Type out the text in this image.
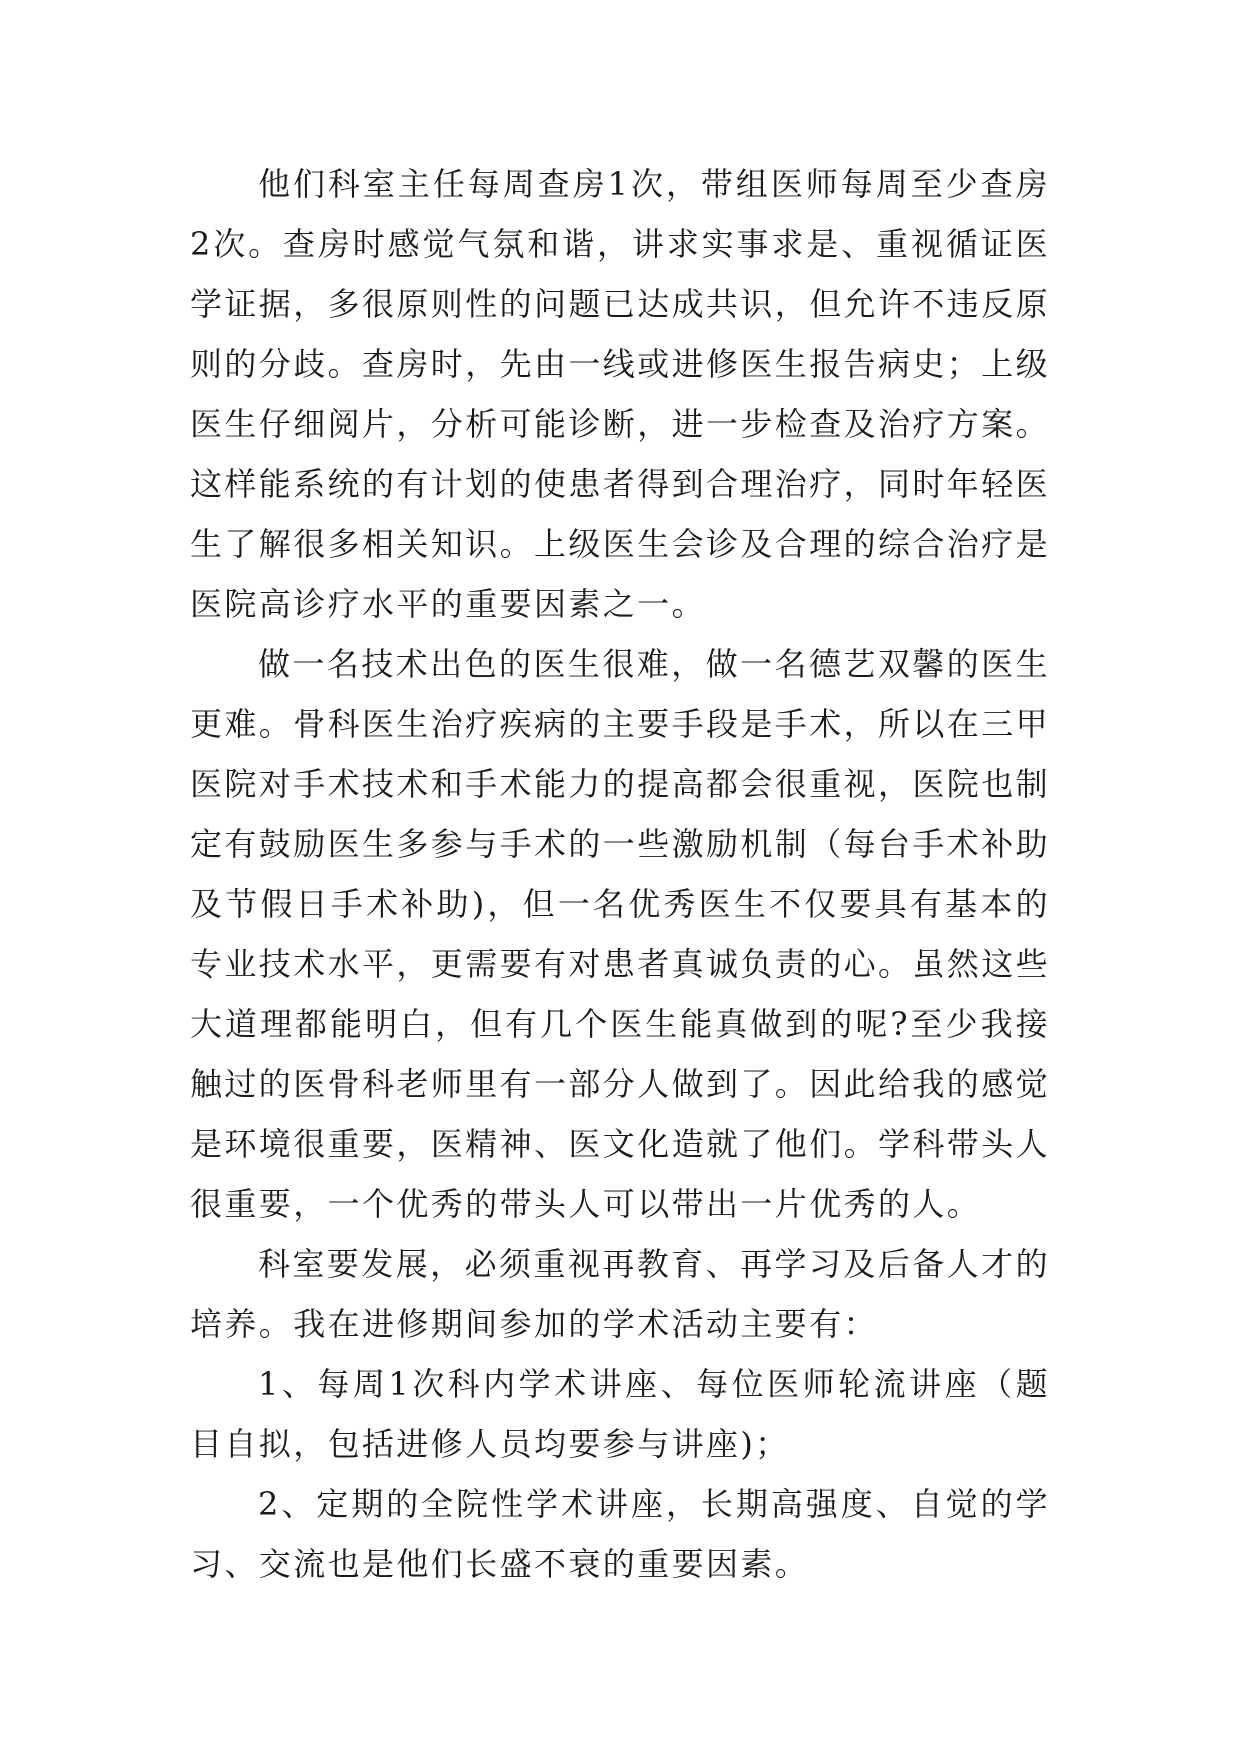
他们科室主任每周查房1次，带组医师每周至少查房2次。查房时感觉气氛和谐，讲求实事求是、重视循证医学证据，多很原则性的问题已达成共识，但允许不违反原则的分歧。查房时，先由一线或进修医生报告病史；上级医生仔细阅片，分析可能诊断，进一步检查及治疗方案。这样能系统的有计划的使患者得到合理治疗，同时年轻医生了解很多相关知识。上级医生会诊及合理的综合治疗是医院高诊疗水平的重要因素之一。

做一名技术出色的医生很难，做一名德艺双馨的医生更难。骨科医生治疗疾病的主要手段是手术，所以在三甲医院对手术技术和手术能力的提高都会很重视，医院也制定有鼓励医生多参与手术的一些激励机制（每台手术补助及节假日手术补助)，但一名优秀医生不仅要具有基本的专业技术水平，更需要有对患者真诚负责的心。虽然这些大道理都能明白，但有几个医生能真做到的呢?至少我接触过的医骨科老师里有一部分人做到了。因此给我的感觉是环境很重要，医精神、医文化造就了他们。学科带头人很重要，一个优秀的带头人可以带出一片优秀的人。

科室要发展，必须重视再教育、再学习及后备人才的培养。我在进修期间参加的学术活动主要有：

1、每周1次科内学术讲座、每位医师轮流讲座（题目自拟，包括进修人员均要参与讲座)；

2、定期的全院性学术讲座，长期高强度、自觉的学习、交流也是他们长盛不衰的重要因素。
